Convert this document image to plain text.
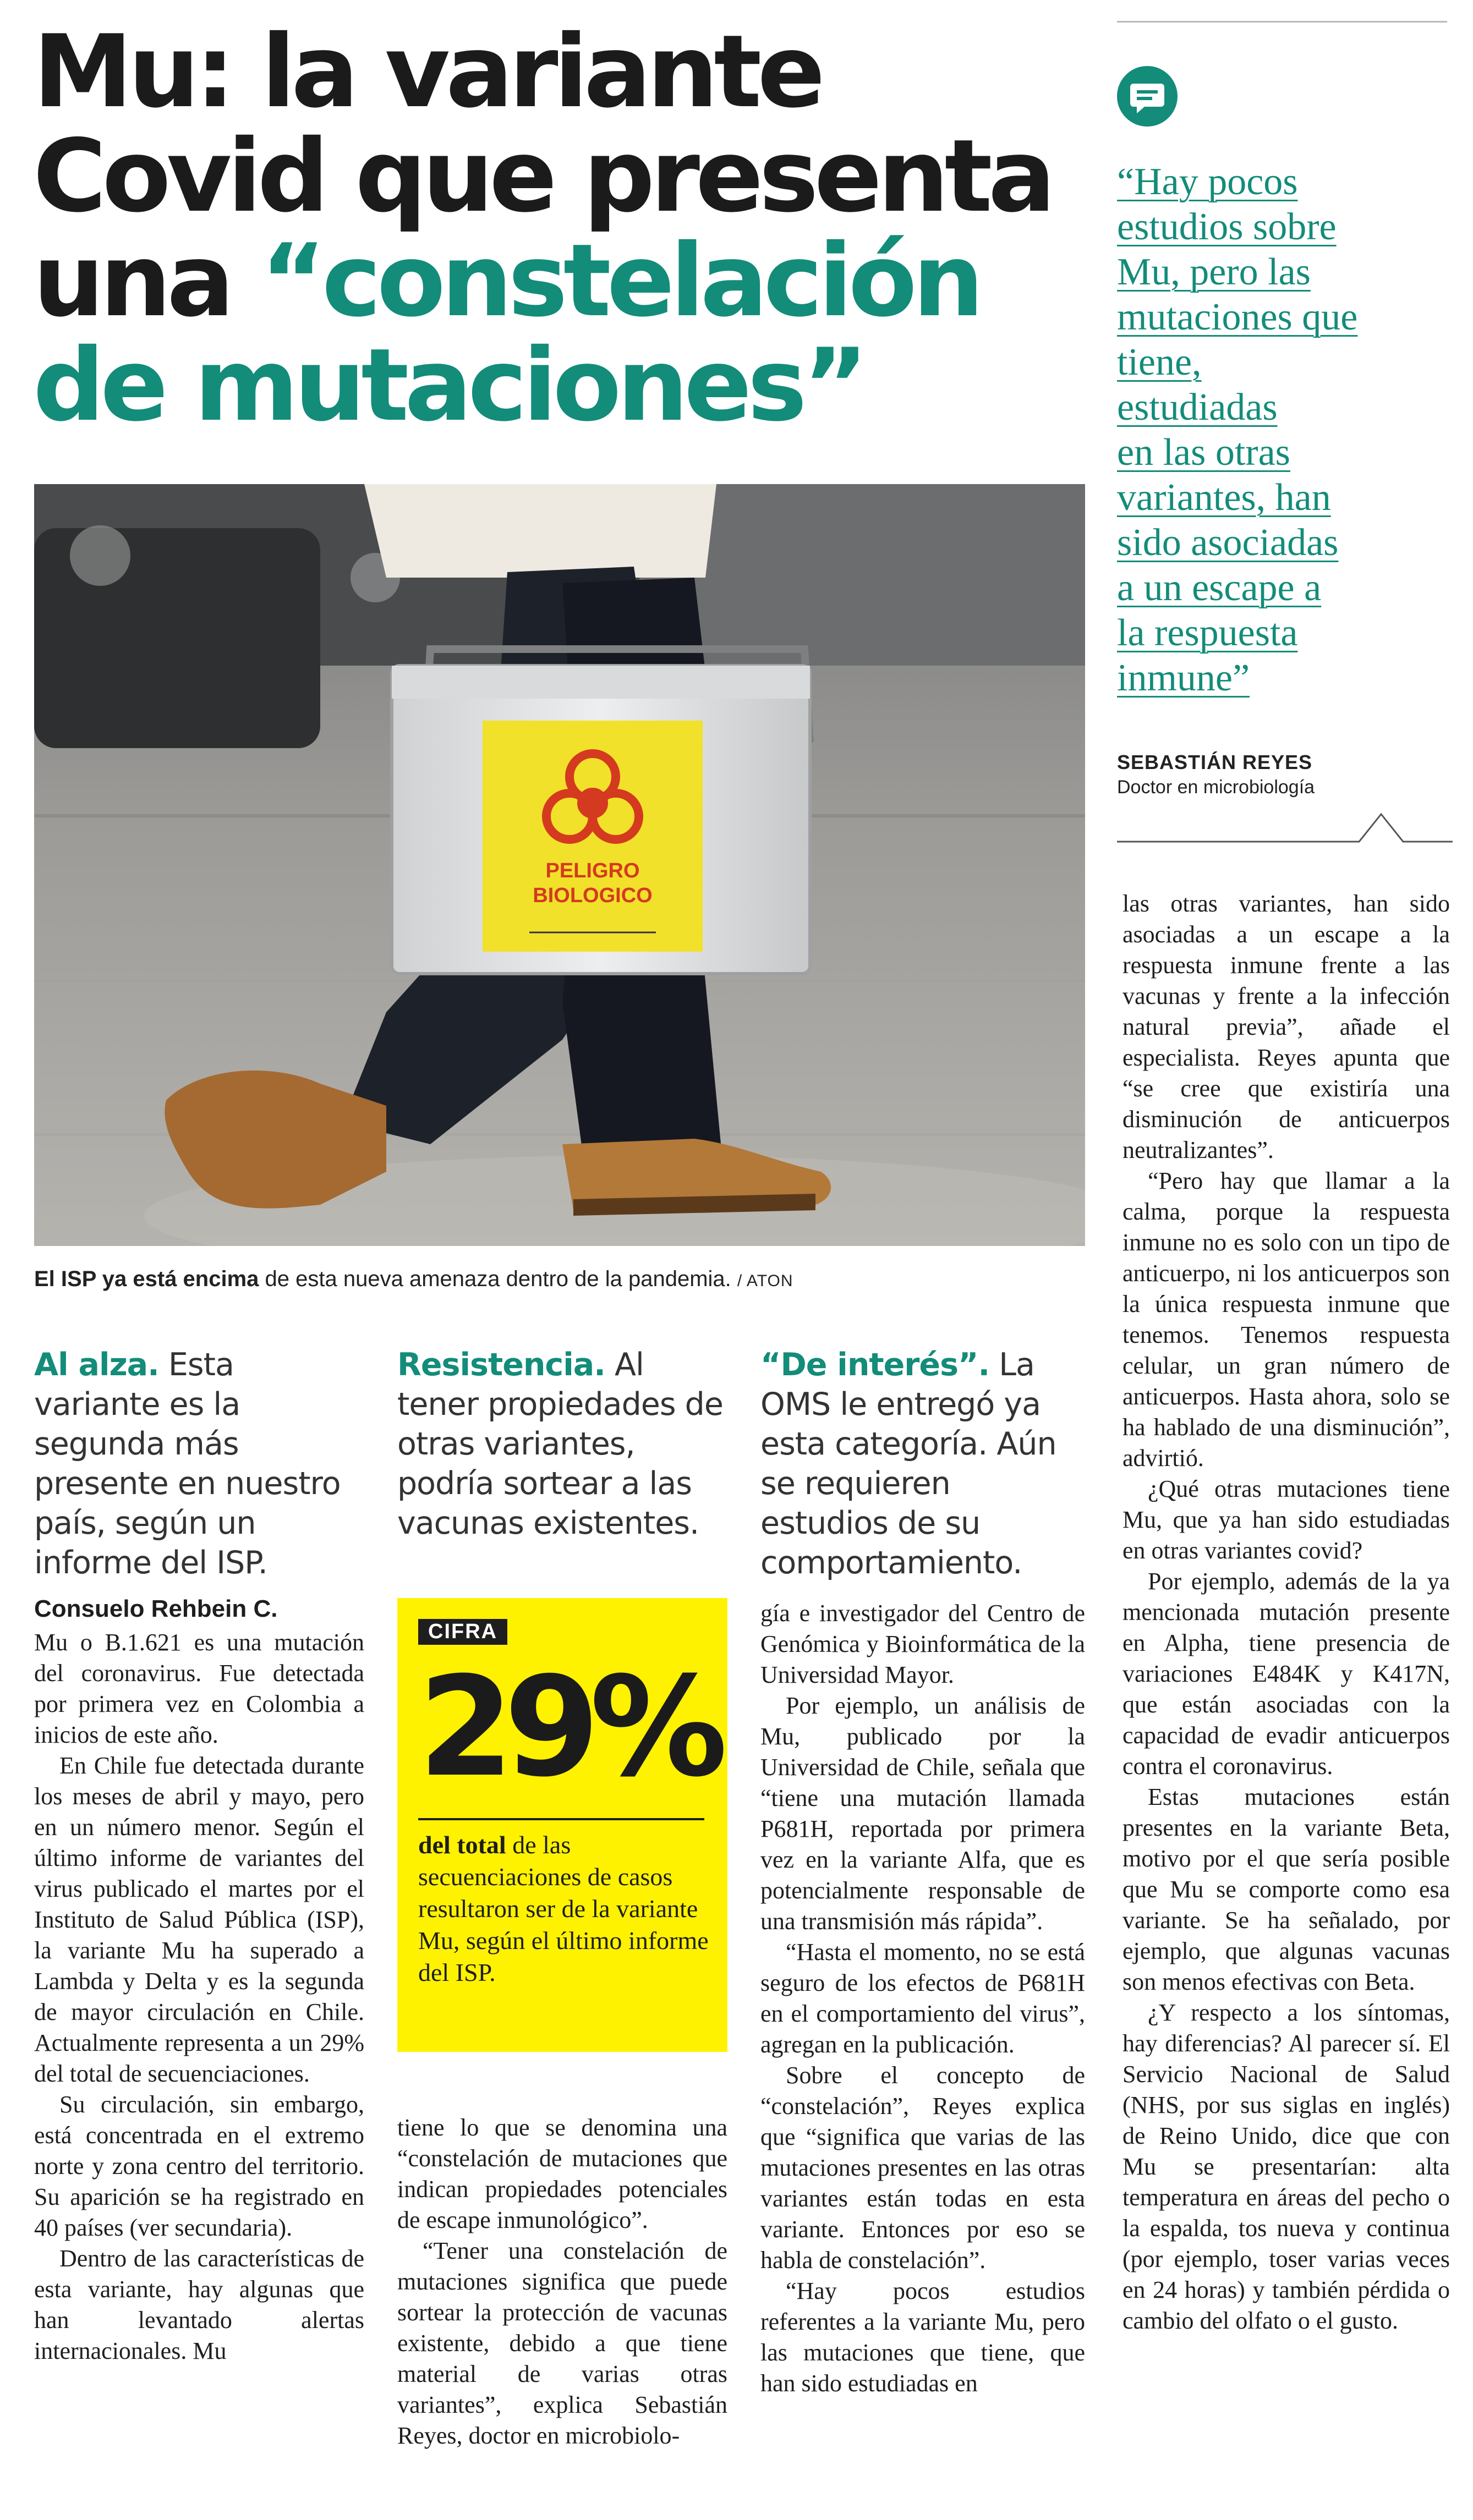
Mu: la variante
Covid que presenta
una “constelación
de mutaciones”
PELIGRO
BIOLOGICO

El ISP ya está encima de esta nueva amenaza dentro de la pandemia. / ATON

“Hay pocos
estudios sobre
Mu, pero las
mutaciones que
tiene,
estudiadas
en las otras
variantes, han
sido asociadas
a un escape a
la respuesta
inmune”

SEBASTIÁN REYES

Doctor en microbiología

Al alza. Esta variante es la segunda más presente en nuestro país, según un informe del ISP.

Resistencia. Al tener propiedades de otras variantes, podría sortear a las vacunas existentes.

“De interés”. La OMS le entregó ya esta categoría. Aún se requieren estudios de su comportamiento.

Consuelo Rehbein C.

Mu o B.1.621 es una mutación del coronavirus. Fue detectada por primera vez en Colombia a inicios de este año.

En Chile fue detectada durante los meses de abril y mayo, pero en un número menor. Según el último informe de variantes del virus publicado el martes por el Instituto de Salud Pública (ISP), la variante Mu ha superado a Lambda y Delta y es la segunda de mayor circulación en Chile. Actualmente representa a un 29% del total de secuenciaciones.

Su circulación, sin embargo, está concentrada en el extremo norte y zona centro del territorio. Su aparición se ha registrado en 40 países (ver secundaria).

Dentro de las características de esta variante, hay algunas que han levantado alertas internacionales. Mu

CIFRA

29%

del total de las secuenciaciones de casos resultaron ser de la variante Mu, según el último informe del ISP.

tiene lo que se denomina una “constelación de mutaciones que indican propiedades potenciales de escape inmunológico”.

“Tener una constelación de mutaciones significa que puede sortear la protección de vacunas existente, debido a que tiene material de varias otras variantes”, explica Sebastián Reyes, doctor en microbiolo-

gía e investigador del Centro de Genómica y Bioinformática de la Universidad Mayor.

Por ejemplo, un análisis de Mu, publicado por la Universidad de Chile, señala que “tiene una mutación llamada P681H, reportada por primera vez en la variante Alfa, que es potencialmente responsable de una transmisión más rápida”.

“Hasta el momento, no se está seguro de los efectos de P681H en el comportamiento del virus”, agregan en la publicación.

Sobre el concepto de “constelación”, Reyes explica que “significa que varias de las mutaciones presentes en las otras variantes están todas en esta variante. Entonces por eso se habla de constelación”.

“Hay pocos estudios referentes a la variante Mu, pero las mutaciones que tiene, que han sido estudiadas en

las otras variantes, han sido asociadas a un escape a la respuesta inmune frente a las vacunas y frente a la infección natural previa”, añade el especialista. Reyes apunta que “se cree que existiría una disminución de anticuerpos neutralizantes”.

“Pero hay que llamar a la calma, porque la respuesta inmune no es solo con un tipo de anticuerpo, ni los anticuerpos son la única respuesta inmune que tenemos. Tenemos respuesta celular, un gran número de anticuerpos. Hasta ahora, solo se ha hablado de una disminución”, advirtió.

¿Qué otras mutaciones tiene Mu, que ya han sido estudiadas en otras variantes covid?

Por ejemplo, además de la ya mencionada mutación presente en Alpha, tiene presencia de variaciones E484K y K417N, que están asociadas con la capacidad de evadir anticuerpos contra el coronavirus.

Estas mutaciones están presentes en la variante Beta, motivo por el que sería posible que Mu se comporte como esa variante. Se ha señalado, por ejemplo, que algunas vacunas son menos efectivas con Beta.

¿Y respecto a los síntomas, hay diferencias? Al parecer sí. El Servicio Nacional de Salud (NHS, por sus siglas en inglés) de Reino Unido, dice que con Mu se presentarían: alta temperatura en áreas del pecho o la espalda, tos nueva y continua (por ejemplo, toser varias veces en 24 horas) y también pérdida o cambio del olfato o el gusto.
